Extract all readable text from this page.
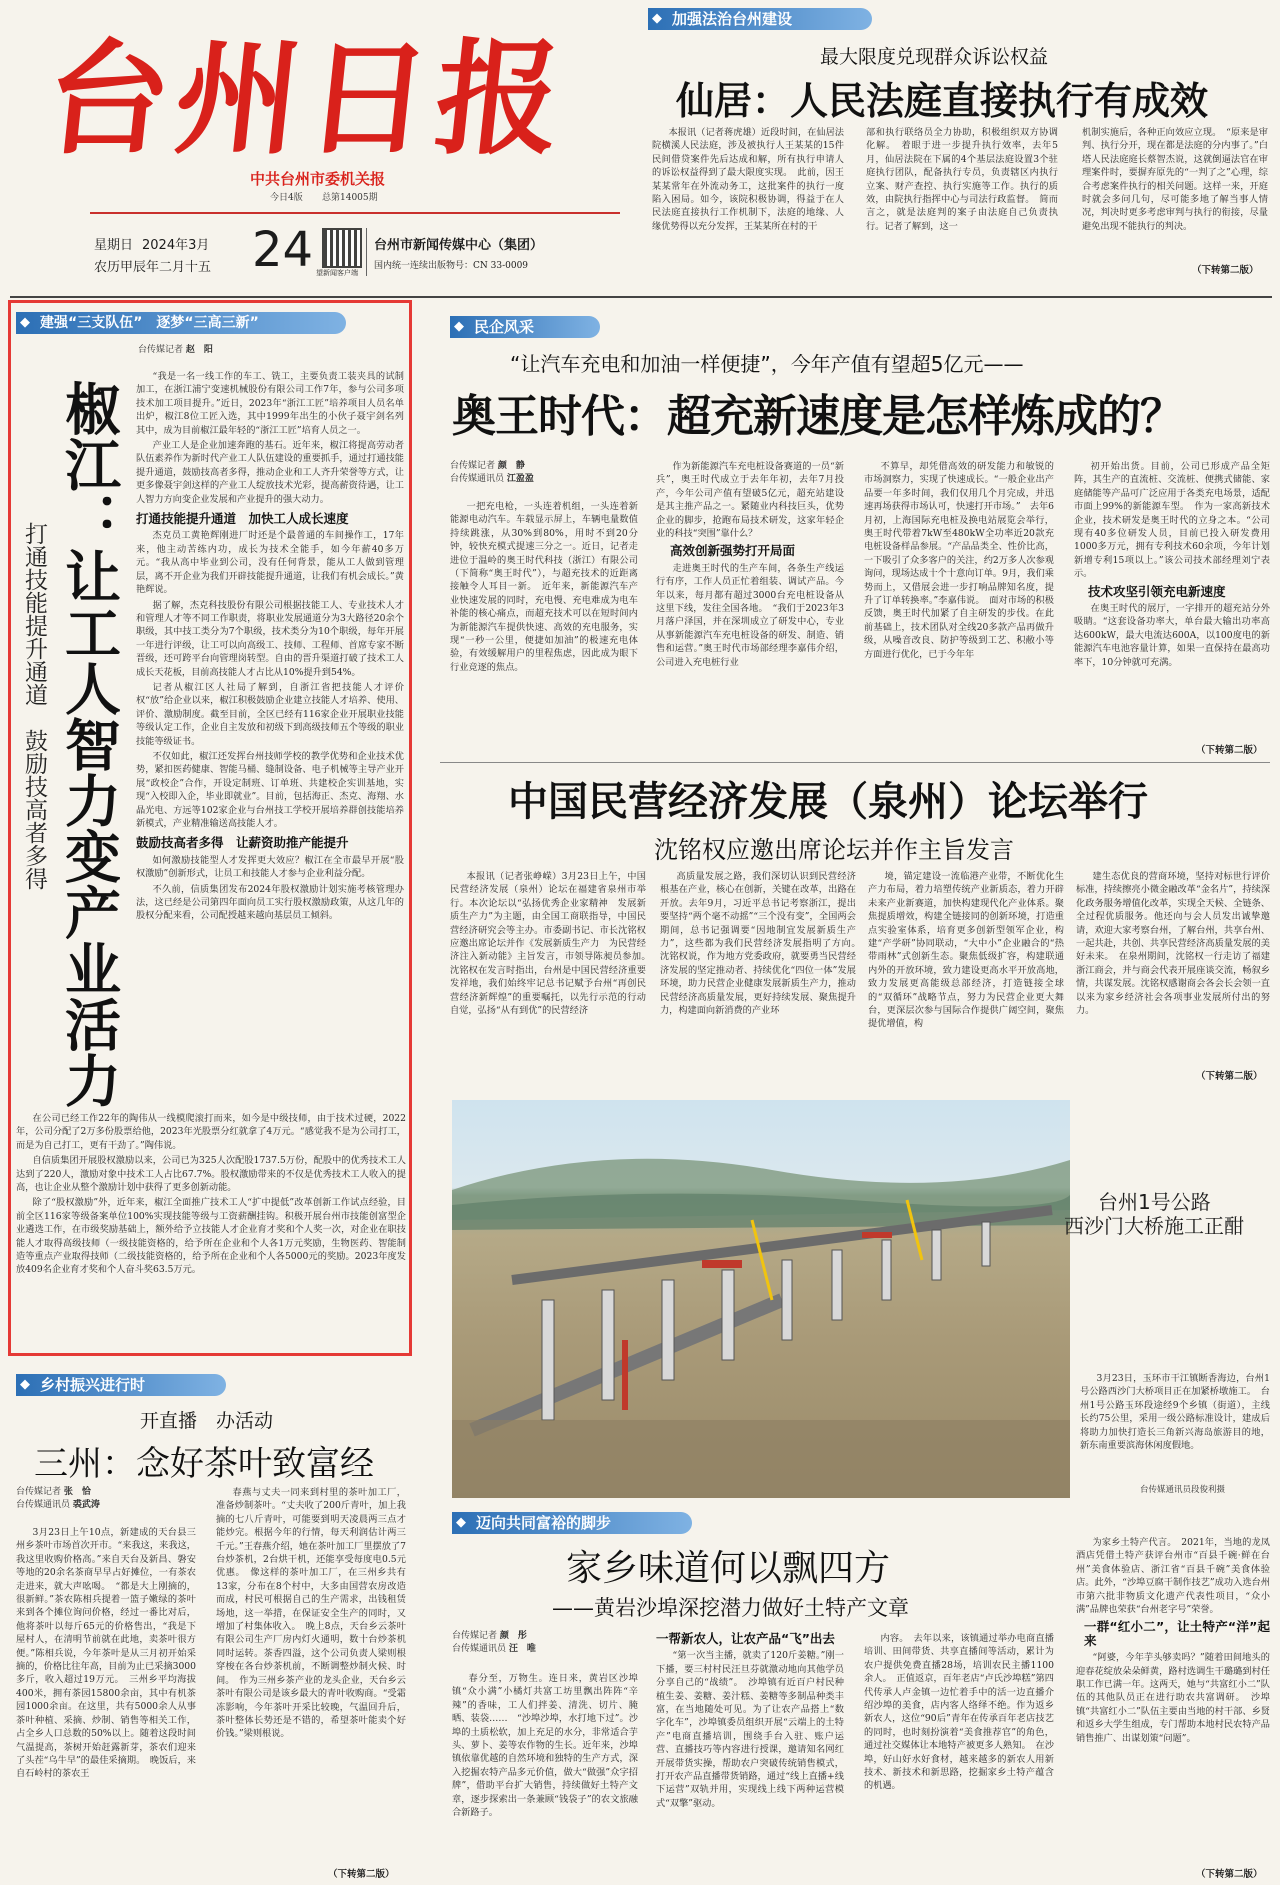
台州日报
中共台州市委机关报
今日4版 总第14005期
星期日 2024年3月
农历甲辰年二月十五 24 望新闻客户端
台州市新闻传媒中心（集团）
国内统一连续出版物号：CN 33-0009
◆ 加强法治台州建设
最大限度兑现群众诉讼权益
仙居：人民法庭直接执行有成效
本报讯（记者蒋虎雄）近段时间，在仙居法院横溪人民法庭，涉及被执行人王某某的15件民间借贷案件先后达成和解，所有执行申请人的诉讼权益得到了最大限度实现。　此前，因王某某常年在外流动务工，这批案件的执行一度陷入困局。如今，该院积极协调，得益于在人民法庭直接执行工作机制下，法庭的地缘、人缘优势得以充分发挥，王某某所在村的干
部和执行联络员全力协助，积极组织双方协调化解。　着眼于进一步提升执行效率，去年5月，仙居法院在下属的4个基层法庭设置3个驻庭执行团队，配备执行专员，负责辖区内执行立案、财产查控、执行实施等工作。执行的质效，由院执行指挥中心与司法行政监督。　简而言之，就是法庭判的案子由法庭自己负责执行。记者了解到，这一
机制实施后，各种正向效应立现。　“原来是审判、执行分开，现在都是法庭的分内事了。”白塔人民法庭庭长蔡智杰说，这就倒逼法官在审理案件时，要摒弃原先的“一判了之”心理，综合考虑案件执行的相关问题。这样一来，开庭时就会多问几句，尽可能多地了解当事人情况，判决时更多考虑审判与执行的衔接，尽量避免出现不能执行的判决。
（下转第二版）
◆ 建强“三支队伍”　逐梦“三高三新”
台传媒记者 赵　阳
椒江：让工人智力变产业活力
打通技能提升通道　鼓励技高者多得

“我是一名一线工作的车工、铣工，主要负责工装夹具的试制加工，在浙江浦宁变速机械股份有限公司工作7年，参与公司多项技术加工项目提升。”近日，2023年“浙江工匠”培养项目人员名单出炉，椒江8位工匠入选，其中1999年出生的小伙子聂宇剑名列其中，成为目前椒江最年轻的“浙江工匠”培育人员之一。

产业工人是企业加速奔跑的基石。近年来，椒江将提高劳动者队伍素养作为新时代产业工人队伍建设的重要抓手，通过打通技能提升通道，鼓励技高者多得，推动企业和工人齐升荣誉等方式，让更多像聂宇剑这样的产业工人绽放技术光彩，提高薪资待遇，让工人智力方向变企业发展和产业提升的强大动力。

打通技能提升通道　加快工人成长速度

杰克员工黄艳辉刚进厂时还是个最普通的车间操作工，17年来，他主动苦练内功，成长为技术全能手，如今年薪40多万元。“我从高中毕业到公司，没有任何背景，能从工人做到管理层，离不开企业为我们开辟技能提升通道，让我们有机会成长。”黄艳辉说。

据了解，杰克科技股份有限公司根据技能工人、专业技术人才和管理人才等不同工作职责，将职业发展通道分为3大路径20余个职级，其中技工类分为7个职级，技术类分为10个职级，每年开展一年进行评级，让工可以向高级工、技师、工程师、首席专家不断晋级，还可跨平台向管理岗转型。自由的晋升渠道打破了技术工人成长天花板，目前高技能人才占比从10%提升到54%。

记者从椒江区人社局了解到，自浙江省把技能人才评价权“放”给企业以来，椒江积极鼓励企业建立技能人才培养、使用、评价、激励制度。截至目前，全区已经有116家企业开展职业技能等级认定工作，企业自主发放和初级下到高级技师五个等级的职业技能等级证书。

不仅如此，椒江还发挥台州技师学校的教学优势和企业技术优势，紧扣医药健康、智能马桶、缝制设备、电子机械等主导产业开展“政校企”合作，开设定制班、订单班、共建校企实训基地，实现“入校即入企，毕业即就业”。目前，包括海正、杰克、海翔、水晶光电、方远等102家企业与台州技工学校开展培养群创技能培养新模式，产业精准输送高技能人才。

鼓励技高者多得　让薪资助推产能提升

如何激励技能型人才发挥更大效应？椒江在全市最早开展“股权激励”创新形式，让员工和技能人才参与企业利益分配。

不久前，信质集团发布2024年股权激励计划实施考核管理办法，这已经是公司第四年面向员工实行股权激励政策，从这几年的股权分配来看，公司配授越来越向基层员工倾斜。

在公司已经工作22年的陶伟从一线模爬滚打而来，如今是中级技师，由于技术过硬，2022年，公司分配了2万多份股票给他，2023年光股票分红就拿了4万元。“感觉我不是为公司打工，而是为自己打工，更有干劲了。”陶伟说。

自信质集团开展股权激励以来，公司已为325人次配股1737.5万份，配股中的优秀技术工人达到了220人，激励对象中技术工人占比67.7%。股权激励带来的不仅是优秀技术工人收入的提高，也让企业从整个激励计划中获得了更多创新动能。

除了“股权激励”外，近年来，椒江全面推广技术工人“扩中提低”改革创新工作试点经验，目前全区116家等级备案单位100%实现技能等级与工资薪酬挂钩。积极开展台州市技能创富型企业遴选工作，在市级奖励基础上，额外给予立技能人才企业育才奖和个人奖一次，对企业在职技能人才取得高级技师（一级技能资格的，给予所在企业和个人各1万元奖励，生物医药、智能制造等重点产业取得技师（二级技能资格的，给予所在企业和个人各5000元的奖励。2023年度发放409名企业育才奖和个人奋斗奖63.5万元。

◆ 民企风采
“让汽车充电和加油一样便捷”，今年产值有望超5亿元——
奥王时代：超充新速度是怎样炼成的？
台传媒记者 颜　静
台传媒通讯员 江盈盈

一把充电枪，一头连着机组，一头连着新能源电动汽车。车载显示屏上，车辆电量数值持续跳涨，从30%到80%，用时不到20分钟，较快充模式提速三分之一。近日，记者走进位于温岭的奥王时代科技（浙江）有限公司（下简称“奥王时代”），与超充技术的近距离接触令人耳目一新。　近年来，新能源汽车产业快速发展的同时，充电慢、充电难成为电车补能的核心痛点，而超充技术可以在短时间内为新能源汽车提供快速、高效的充电服务，实现“一秒一公里，便捷如加油”的极速充电体验，有效缓解用户的里程焦虑，因此成为眼下行业竞逐的焦点。

作为新能源汽车充电桩设备赛道的一员“新兵”，奥王时代成立于去年年初，去年7月投产，今年公司产值有望破5亿元，超充站建设是其主推产品之一。紧随业内科技巨头，优势企业的脚步，抢跑布局技术研发，这家年轻企业的科技“突围”靠什么？

高效创新强势打开局面

走进奥王时代的生产车间，各条生产线运行有序，工作人员正忙着组装、调试产品。今年以来，每月都有超过3000台充电桩设备从这里下线，发往全国各地。　“我们于2023年3月落户泽国，并在深圳成立了研发中心，专业从事新能源汽车充电桩设备的研发、制造、销售和运营。”奥王时代市场部经理李嘉伟介绍，公司进入充电桩行业

不算早，却凭借高效的研发能力和敏锐的市场洞察力，实现了快速成长。“一般企业出产品要一年多时间，我们仅用几个月完成，并迅速再场获得市场认可，快速打开市场。”　去年6月初，上海国际充电桩及换电站展览会举行，奥王时代带着7kW至480kW全功率近20款充电桩设备样品参展。“产品品类全、性价比高，一下吸引了众多客户的关注，约2万多人次参观询问，现场达成十个十意向订单。9月，我们乘势而上，又借展会进一步打响品牌知名度，提升了订单转换率。”李嘉伟说。　面对市场的积极反馈，奥王时代加紧了自主研发的步伐。在此前基础上，技术团队对全线20多款产品再做升级，从噪音改良、防护等级到工艺、积敝小等方面进行优化，已于今年年

初开始出货。目前，公司已形成产品全矩阵，其生产的直流桩、交流桩、便携式储能、家庭储能等产品可广泛应用于各类充电场景，适配市面上99%的新能源车型。　作为一家高新技术企业，技术研发是奥王时代的立身之本。“公司现有40多位研发人员，目前已投入研发费用1000多万元，拥有专利技术60余项，今年计划新增专利15项以上。”该公司技术部经理刘宁表示。

技术攻坚引领充电新速度

在奥王时代的展厅，一字排开的超充站分外吸睛。“这套设备功率大，单台最大输出功率高达600kW，最大电流达600A，以100度电的新能源汽车电池容量计算，如果一直保持在最高功率下，10分钟就可充满。

（下转第二版）
中国民营经济发展（泉州）论坛举行
沈铭权应邀出席论坛并作主旨发言

本报讯（记者张峥嵘）3月23日上午，中国民营经济发展（泉州）论坛在福建省泉州市举行。本次论坛以“弘扬优秀企业家精神　发展新质生产力”为主题，由全国工商联指导，中国民营经济研究会等主办。市委副书记、市长沈铭权应邀出席论坛并作《发展新质生产力　为民营经济注入新动能》主旨发言，市领导陈昶员参加。　沈铭权在发言时指出，台州是中国民营经济重要发祥地，我们始终牢记总书记赋予台州“再创民营经济新辉煌”的重要嘱托，以先行示范的行动自觉，弘扬“从有到优”的民营经济

高质量发展之路，我们深切认识到民营经济根基在产业，核心在创新，关键在改革，出路在开放。去年9月，习近平总书记考察浙江，提出要坚持“两个毫不动摇”“三个没有变”，全国两会期间，总书记强调要“因地制宜发展新质生产力”，这些都为我们民营经济发展指明了方向。　沈铭权说，作为地方党委政府，就要勇当民营经济发展的坚定推动者、持续优化“四位一体”发展环境，助力民营企业健康发展新质生产力，推动民营经济高质量发展，更好持续发展、聚焦提升力，构建面向新消费的产业环

境，锚定建设一流临港产业带，不断优化生产力布局，着力培塑传统产业新质态，着力开辟未来产业新赛道，加快构建现代化产业体系。聚焦提质增效，构建全链接同的创新环境，打造重点实验室体系，培育更多创新型领军企业，构建“产学研”协同联动，“大中小”企业融合的“热带雨林”式创新生态。聚焦低级扩容，构建联通内外的开放环境，致力建设更高水平开放高地，致力发展更高能级总部经济，打造链接全球的“双循环”战略节点，努力为民营企业更大舞台，更深层次参与国际合作提供广阔空间，聚焦提优增值，构

建生态优良的营商环境，坚持对标世行评价标准，持续擦亮小微金融改革“金名片”，持续深化政务服务增值化改革，实现全天候、全链条、全过程优质服务。他还向与会人员发出诚挚邀请，欢迎大家考察台州，了解台州，共享台州、一起共赴，共创、共享民营经济高质量发展的美好未来。　在泉州期间，沈铭权一行走访了福建浙江商会，并与商会代表开展座谈交流，畅叙乡情，共谋发展。沈铭权感谢商会各会长会领一直以来为家乡经济社会各项事业发展所付出的努力。

（下转第二版）
台州1号公路
西沙门大桥施工正酣
3月23日，玉环市干江镇断香海边，台州1号公路西沙门大桥项目正在加紧桥墩施工。　台州1号公路玉环段途经9个乡镇（街道），主线长约75公里，采用一级公路标准设计，建成后将助力加快打造长三角新兴海岛旅游目的地，新东南重要滨海休闲度假地。
台传媒通讯员段俊利摄
◆ 乡村振兴进行时
开直播　办活动
三州：念好茶叶致富经
台传媒记者 张　恰
台传媒通讯员 裘武涛

3月23日上午10点，新建成的天台县三州乡茶叶市场首次开市。“来我这，来我这，我这里收购价格高。”来自天台及新昌、磐安等地的20余名茶商早早占好摊位，一有茶农走进来，就大声吆喝。　“都是大上刚摘的，很新鲜。”茶农陈相兵提着一篮子嫩绿的茶叶来到各个摊位询问价格，经过一番比对后，他将茶叶以每斤65元的价格售出，“我是下屋村人，在清明节前就在此地，卖茶叶很方便。”陈相兵说，今年茶叶是从三月初开始采摘的，价格比往年高，目前为止已采摘3000多斤，收入超过19万元。　三州乡平均海拔400米，拥有茶园15800余亩，其中有机茶园1000余亩。在这里，共有5000余人从事茶叶种植、采摘、炒制、销售等相关工作，占全乡人口总数的50%以上。随着这段时间气温提高，茶树开始赶露新芽，茶农们迎来了头茬“乌牛早”的最佳采摘期。　晚饭后，来自石岭村的茶农王

春燕与丈夫一同来到村里的茶叶加工厂，准备炒制茶叶。“丈夫收了200斤青叶，加上我摘的七八斤青叶，可能要到明天凌晨两三点才能炒完。根据今年的行情，每天利润估计两三千元。”王春燕介绍，她在茶叶加工厂里摆放了7台炒茶机，2台烘干机，还能享受每度电0.5元优惠。　像这样的茶叶加工厂，在三州乡共有13家，分布在8个村中，大多由国营农房改造而成，村民可根据自己的生产需求，出钱租赁场地，这一举措，在保证安全生产的同时，又增加了村集体收入。　晚上8点，天台乡云茶叶有限公司生产厂房内灯火通明，数十台炒茶机同时运转。茶香四溢，这个公司负责人梁则根穿梭在各台炒茶机前，不断调整炒制火候、时间。　作为三州乡茶产业的龙头企业，天台乡云茶叶有限公司是该乡最大的青叶收购商。“受霜冻影响，今年茶叶开采比较晚，气温回升后，茶叶整体长势还是不错的，希望茶叶能卖个好价钱。”梁则根说。

（下转第二版）
◆ 迈向共同富裕的脚步
家乡味道何以飘四方
——黄岩沙埠深挖潜力做好土特产文章
台传媒记者 颜　彤
台传媒通讯员 汪　唯

春分至，万物生。连日来，黄岩区沙埠镇“众小满”小橘灯共富工坊里飘出阵阵“辛辣”的香味，工人们拌姜、清洗、切片、腌晒、装袋……　“沙埠沙埠，水打地下过”。沙埠的土质松软，加上充足的水分，非常适合芋头、萝卜、姜等农作物的生长。近年来，沙埠镇依靠优越的自然环境和独特的生产方式，深入挖掘农特产品多元价值，做大“做强”众字招牌”，借助平台扩大销售，持续做好土特产文章，逐步探索出一条兼顾“钱袋子”的农文旅融合新路子。

一帮新农人，让农产品“飞”出去

“第一次当主播，就卖了120斤姜糖。”刚一下播，要三村村民汪旦芬就激动地向其他学员分享自己的“战绩”。　沙埠镇有近百户村民种植生姜、姜糖、姜汁糕、姜糖等多制品种类丰富，在当地随处可见。为了让农产品搭上“数字化车”，沙埠镇委员组织开展“云端上的土特产”电商直播培训，围绕手台入驻、账户运营、直播技巧等内容进行授课，邀请知名网红开展带货实操，帮助农户突破传统销售模式，打开农产品直播带货销路，通过“线上直播+线下运营”双轨并用，实现线上线下两种运营模式“双擎”驱动。

内容。　去年以来，该镇通过举办电商直播培训、田间带货、共享直播间等活动，累计为农户提供免费直播28场，培训农民主播1100余人。　正值返京，百年老店“卢氏沙埠糕”第四代传承人卢金镇一边忙着手中的活一边直播介绍沙埠的美食，店内客人络绎不绝。作为返乡新农人，这位“90后”青年在传承百年老店技艺的同时，也时刻扮演着“美食推荐官”的角色，通过社交媒体让本地特产被更多人熟知。　在沙埠，好山好水好食材，越来越多的新农人用新技术、新技术和新思路，挖掘家乡土特产蕴含的机遇。

为家乡土特产代言。　2021年，当地的龙凤酒店凭借土特产获评台州市“百县千碗·鲜在台州”美食体验店、浙江省“百县千碗”美食体验店。此外，“沙埠豆腐干制作技艺”成功入选台州市第六批非物质文化遗产代表性项目，“众小满”品牌也荣获“台州老字号”荣誉。

一群“红小二”，让土特产“洋”起来

“阿婆，今年芋头够卖吗？”随着田间地头的迎春花绽放朵朵鲜黄，路村选调生干璐璐到村任职工作已满一年。这两天，她与“共富红小二”队伍的其他队员正在进行助农共富调研。　沙埠镇“共富红小二”队伍主要由当地的村干部、乡贤和返乡大学生组成，专门帮助本地村民农特产品销售推广、出谋划策“问题”。

（下转第二版）
